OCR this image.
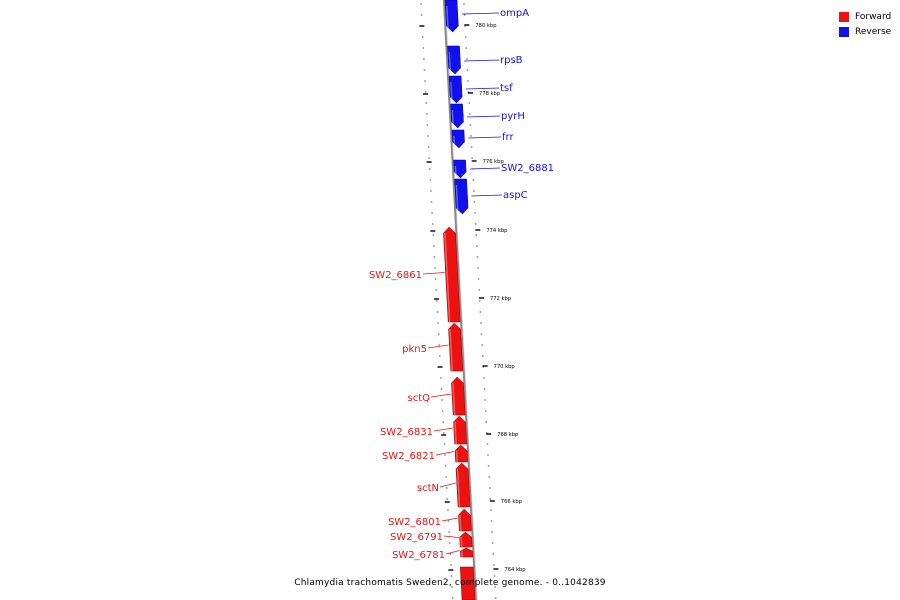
780 kbp
778 kbp
776 kbp
774 kbp
772 kbp
770 kbp
768 kbp
766 kbp
764 kbp
ompA
rpsB
tsf
pyrH
frr
SW2_6881
aspC
SW2_6861
pkn5
sctQ
SW2_6831
SW2_6821
sctN
SW2_6801
SW2_6791
SW2_6781
Forward
Reverse
Chlamydia trachomatis Sweden2, complete genome. - 0..1042839
